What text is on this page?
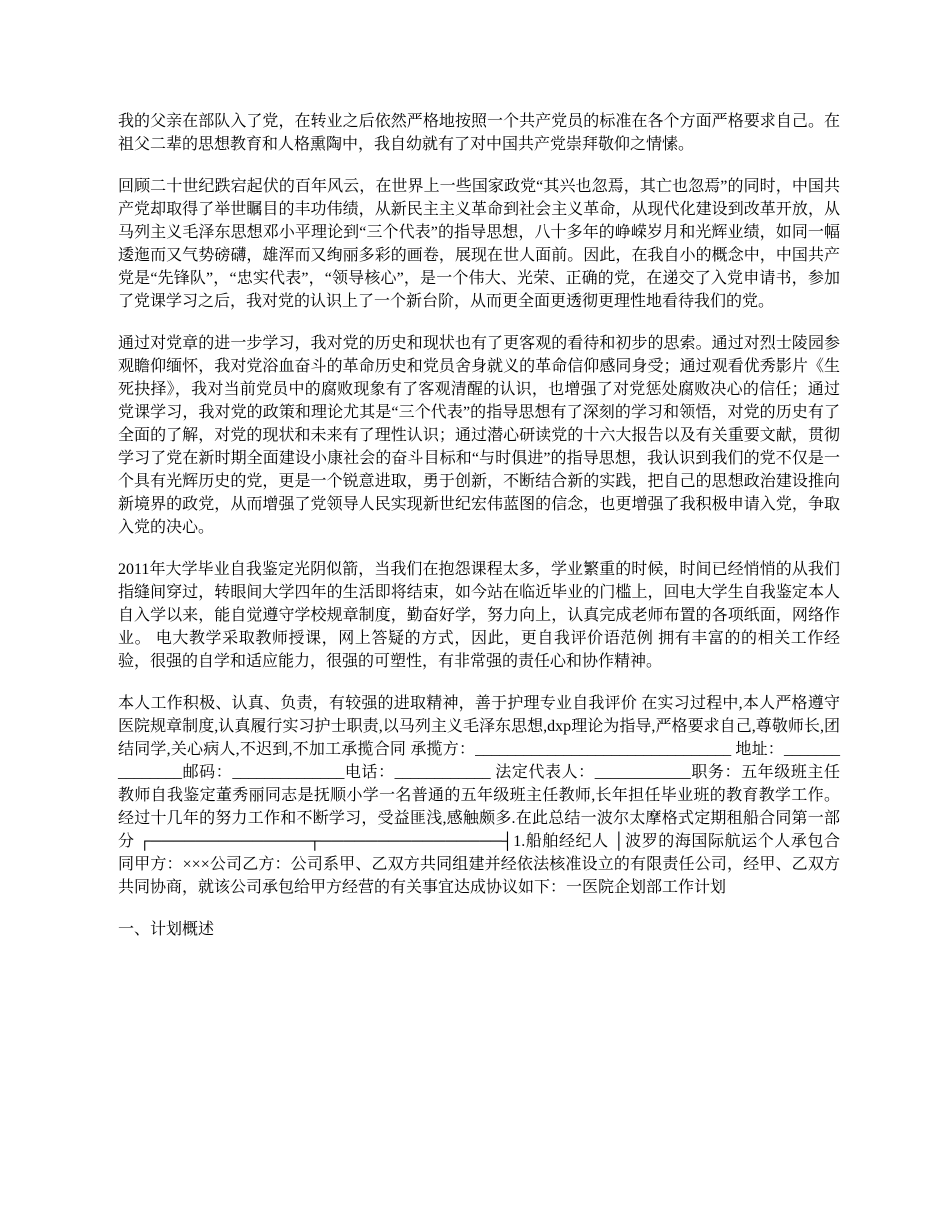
我的父亲在部队入了党，在转业之后依然严格地按照一个共产党员的标准在各个方面严格要求自己。在祖父二辈的思想教育和人格熏陶中，我自幼就有了对中国共产党崇拜敬仰之情愫。

回顾二十世纪跌宕起伏的百年风云，在世界上一些国家政党“其兴也忽焉，其亡也忽焉”的同时，中国共产党却取得了举世瞩目的丰功伟绩，从新民主主义革命到社会主义革命，从现代化建设到改革开放，从马列主义毛泽东思想邓小平理论到“三个代表”的指导思想，八十多年的峥嵘岁月和光辉业绩，如同一幅逶迤而又气势磅礴，雄浑而又绚丽多彩的画卷，展现在世人面前。因此，在我自小的概念中，中国共产党是“先锋队”，“忠实代表”，“领导核心”，是一个伟大、光荣、正确的党，在递交了入党申请书，参加了党课学习之后，我对党的认识上了一个新台阶，从而更全面更透彻更理性地看待我们的党。

通过对党章的进一步学习，我对党的历史和现状也有了更客观的看待和初步的思索。通过对烈士陵园参观瞻仰缅怀，我对党浴血奋斗的革命历史和党员舍身就义的革命信仰感同身受；通过观看优秀影片《生死抉择》，我对当前党员中的腐败现象有了客观清醒的认识，也增强了对党惩处腐败决心的信任；通过党课学习，我对党的政策和理论尤其是“三个代表”的指导思想有了深刻的学习和领悟，对党的历史有了全面的了解，对党的现状和未来有了理性认识；通过潜心研读党的十六大报告以及有关重要文献，贯彻学习了党在新时期全面建设小康社会的奋斗目标和“与时俱进”的指导思想，我认识到我们的党不仅是一个具有光辉历史的党，更是一个锐意进取，勇于创新，不断结合新的实践，把自己的思想政治建设推向新境界的政党，从而增强了党领导人民实现新世纪宏伟蓝图的信念，也更增强了我积极申请入党，争取入党的决心。

2011年大学毕业自我鉴定光阴似箭，当我们在抱怨课程太多，学业繁重的时候，时间已经悄悄的从我们指缝间穿过，转眼间大学四年的生活即将结束，如今站在临近毕业的门槛上，回电大学生自我鉴定本人自入学以来，能自觉遵守学校规章制度，勤奋好学，努力向上，认真完成老师布置的各项纸面，网络作业。 电大教学采取教师授课，网上答疑的方式，因此，更自我评价语范例 拥有丰富的的相关工作经验，很强的自学和适应能力，很强的可塑性，有非常强的责任心和协作精神。

本人工作积极、认真、负责，有较强的进取精神，善于护理专业自我评价 在实习过程中,本人严格遵守医院规章制度,认真履行实习护士职责,以马列主义毛泽东思想,dxp理论为指导,严格要求自己,尊敬师长,团结同学,关心病人,不迟到,不加工承揽合同 承揽方：________________________________ 地址：_______________邮码：______________电话：____________ 法定代表人：____________职务：五年级班主任教师自我鉴定董秀丽同志是抚顺小学一名普通的五年级班主任教师,长年担任毕业班的教育教学工作。经过十几年的努力工作和不断学习，受益匪浅,感触颇多.在此总结一波尔太摩格式定期租船合同第一部分 ┌──────────────┬────────────────┤1.船舶经纪人 │波罗的海国际航运个人承包合同甲方：×××公司乙方：公司系甲、乙双方共同组建并经依法核准设立的有限责任公司，经甲、乙双方共同协商，就该公司承包给甲方经营的有关事宜达成协议如下：一医院企划部工作计划

一、计划概述
